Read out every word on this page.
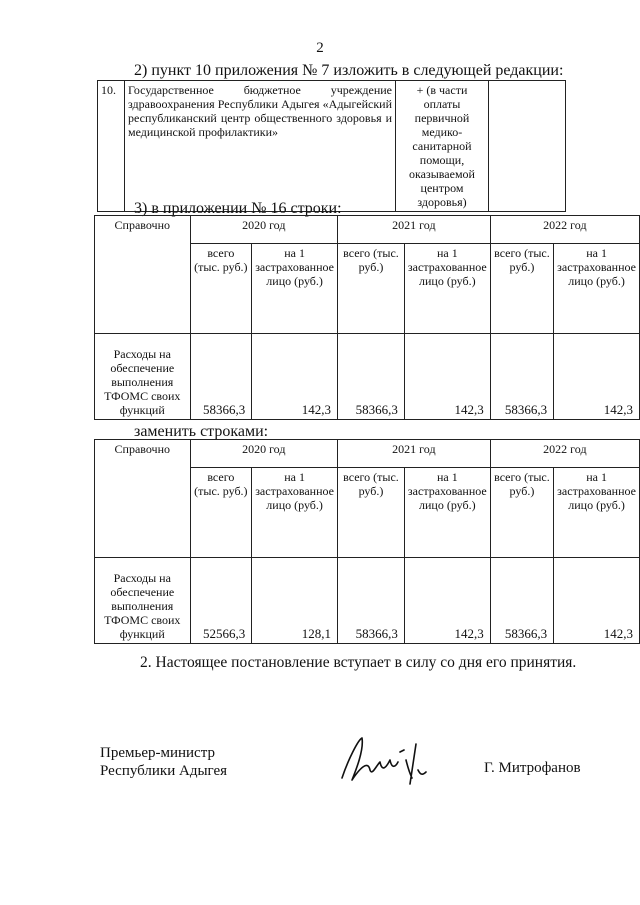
2
2) пункт 10 приложения № 7 изложить в следующей редакции:
10.	Государственное бюджетное учреждение здравоохранения Республики Адыгея «Адыгейский республиканский центр общественного здоровья и медицинской профилактики»	+ (в части оплаты первичной медико-санитарной помощи, оказываемой центром здоровья)	
3) в приложении № 16 строки:
Справочно	2020 год		2021 год		2022 год	
	всего (тыс. руб.)	на 1 застрахованное лицо (руб.)	всего (тыс. руб.)	на 1 застрахованное лицо (руб.)	всего (тыс. руб.)	на 1 застрахованное лицо (руб.)
Расходы на обеспечение выполнения ТФОМС своих функций	58366,3	142,3	58366,3	142,3	58366,3	142,3
заменить строками:
Справочно	2020 год		2021 год		2022 год	
	всего (тыс. руб.)	на 1 застрахованное лицо (руб.)	всего (тыс. руб.)	на 1 застрахованное лицо (руб.)	всего (тыс. руб.)	на 1 застрахованное лицо (руб.)
Расходы на обеспечение выполнения ТФОМС своих функций	52566,3	128,1	58366,3	142,3	58366,3	142,3
2. Настоящее постановление вступает в силу со дня его принятия.
Премьер-министр
Республики Адыгея	Г. Митрофанов
